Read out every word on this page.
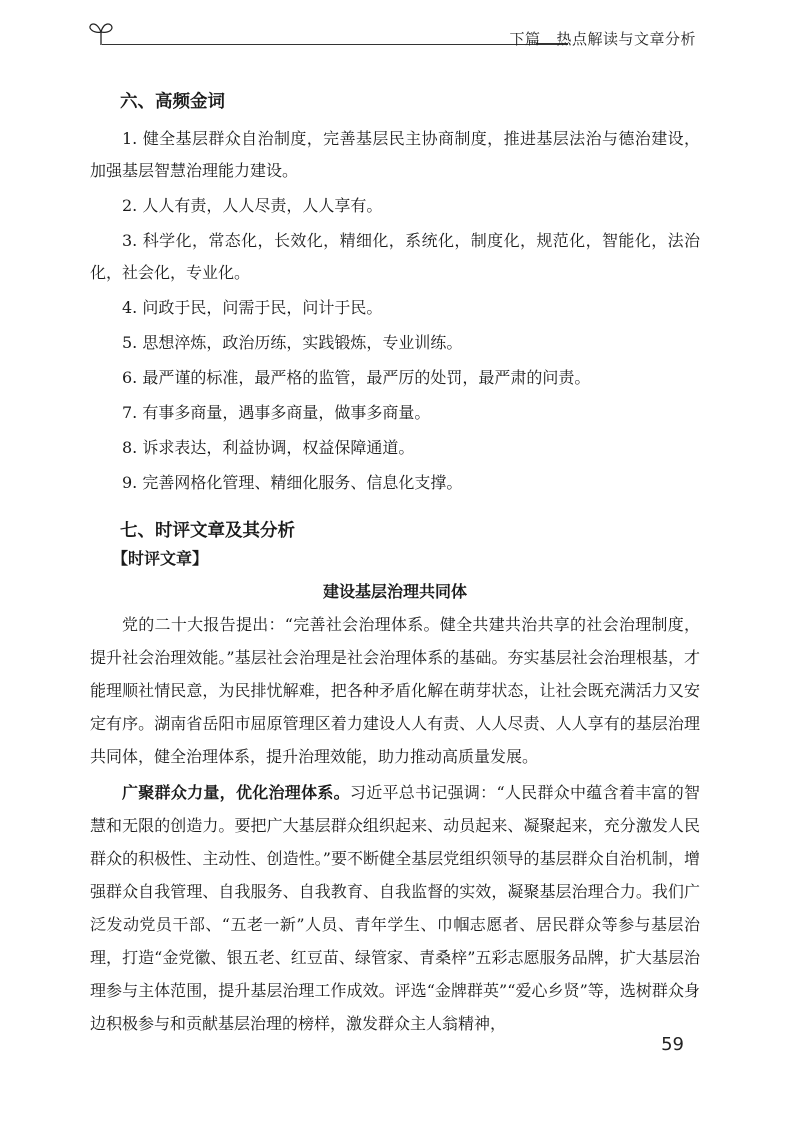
下篇 热点解读与文章分析
六、高频金词

1. 健全基层群众自治制度，完善基层民主协商制度，推进基层法治与德治建设，加强基层智慧治理能力建设。

2. 人人有责，人人尽责，人人享有。

3. 科学化，常态化，长效化，精细化，系统化，制度化，规范化，智能化，法治化，社会化，专业化。

4. 问政于民，问需于民，问计于民。

5. 思想淬炼，政治历练，实践锻炼，专业训练。

6. 最严谨的标准，最严格的监管，最严厉的处罚，最严肃的问责。

7. 有事多商量，遇事多商量，做事多商量。

8. 诉求表达，利益协调，权益保障通道。

9. 完善网格化管理、精细化服务、信息化支撑。

七、时评文章及其分析
【时评文章】
建设基层治理共同体

党的二十大报告提出：“完善社会治理体系。健全共建共治共享的社会治理制度，提升社会治理效能。”基层社会治理是社会治理体系的基础。夯实基层社会治理根基，才能理顺社情民意，为民排忧解难，把各种矛盾化解在萌芽状态，让社会既充满活力又安定有序。湖南省岳阳市屈原管理区着力建设人人有责、人人尽责、人人享有的基层治理共同体，健全治理体系，提升治理效能，助力推动高质量发展。

广聚群众力量，优化治理体系。习近平总书记强调：“人民群众中蕴含着丰富的智慧和无限的创造力。要把广大基层群众组织起来、动员起来、凝聚起来，充分激发人民群众的积极性、主动性、创造性。”要不断健全基层党组织领导的基层群众自治机制，增强群众自我管理、自我服务、自我教育、自我监督的实效，凝聚基层治理合力。我们广泛发动党员干部、“五老一新”人员、青年学生、巾帼志愿者、居民群众等参与基层治理，打造“金党徽、银五老、红豆苗、绿管家、青桑梓”五彩志愿服务品牌，扩大基层治理参与主体范围，提升基层治理工作成效。评选“金牌群英”“爱心乡贤”等，选树群众身边积极参与和贡献基层治理的榜样，激发群众主人翁精神，

59
